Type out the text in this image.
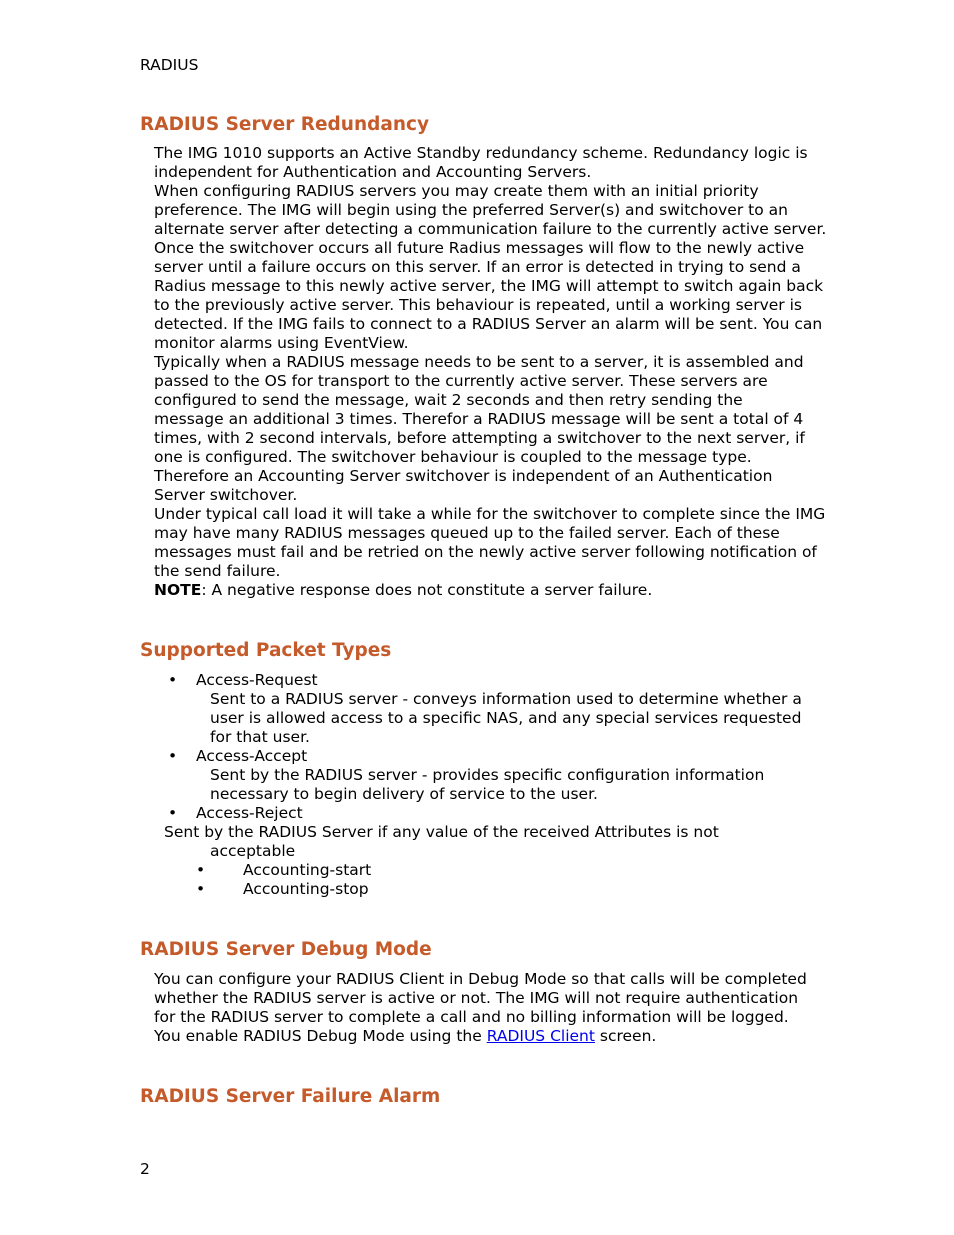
RADIUS
RADIUS Server Redundancy

The IMG 1010 supports an Active Standby redundancy scheme. Redundancy logic is independent for Authentication and Accounting Servers.

When configuring RADIUS servers you may create them with an initial priority preference. The IMG will begin using the preferred Server(s) and switchover to an alternate server after detecting a communication failure to the currently active server.

Once the switchover occurs all future Radius messages will flow to the newly active server until a failure occurs on this server. If an error is detected in trying to send a Radius message to this newly active server, the IMG will attempt to switch again back to the previously active server. This behaviour is repeated, until a working server is detected. If the IMG fails to connect to a RADIUS Server an alarm will be sent. You can monitor alarms using EventView.

Typically when a RADIUS message needs to be sent to a server, it is assembled and passed to the OS for transport to the currently active server. These servers are configured to send the message, wait 2 seconds and then retry sending the message an additional 3 times. Therefor a RADIUS message will be sent a total of 4 times, with 2 second intervals, before attempting a switchover to the next server, if one is configured. The switchover behaviour is coupled to the message type. Therefore an Accounting Server switchover is independent of an Authentication Server switchover.

Under typical call load it will take a while for the switchover to complete since the IMG may have many RADIUS messages queued up to the failed server. Each of these messages must fail and be retried on the newly active server following notification of the send failure.

NOTE: A negative response does not constitute a server failure.

Supported Packet Types
• Access-Request
Sent to a RADIUS server - conveys information used to determine whether a user is allowed access to a specific NAS, and any special services requested for that user.
• Access-Accept
Sent by the RADIUS server - provides specific configuration information necessary to begin delivery of service to the user.
• Access-Reject
Sent by the RADIUS Server if any value of the received Attributes is not
acceptable
• Accounting-start
• Accounting-stop
RADIUS Server Debug Mode

You can configure your RADIUS Client in Debug Mode so that calls will be completed whether the RADIUS server is active or not. The IMG will not require authentication for the RADIUS server to complete a call and no billing information will be logged.

You enable RADIUS Debug Mode using the RADIUS Client screen.

RADIUS Server Failure Alarm
2
